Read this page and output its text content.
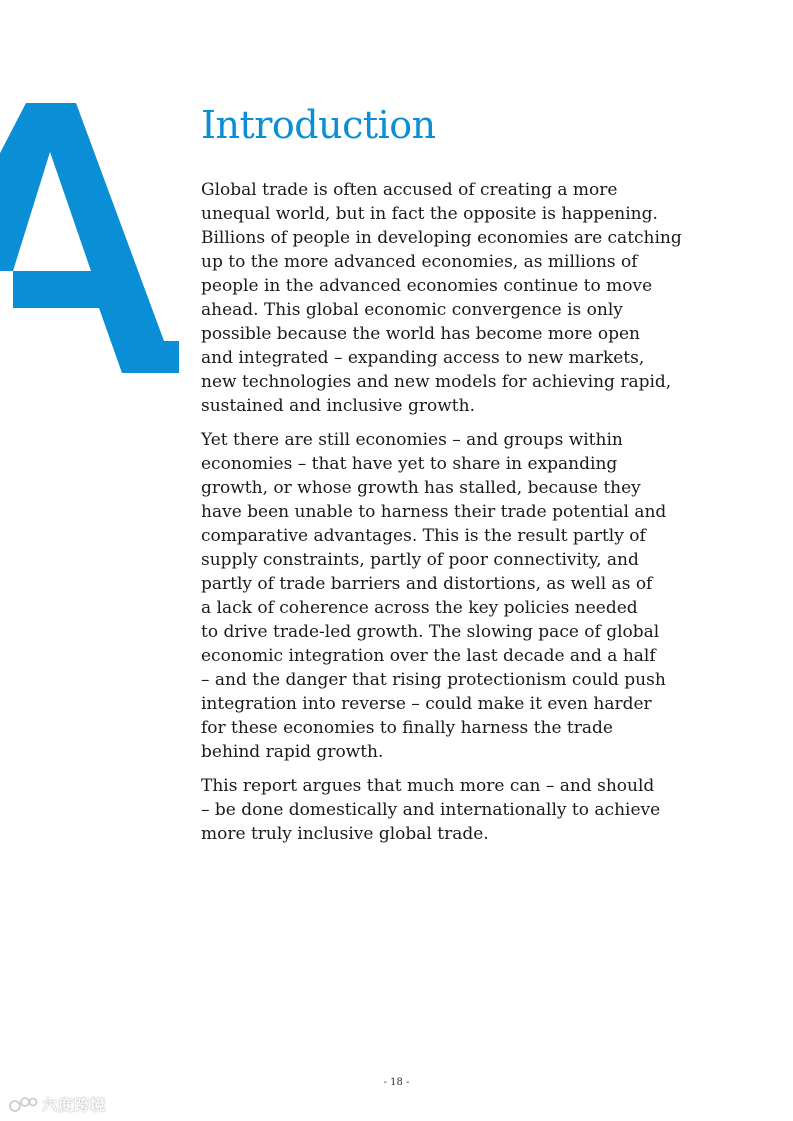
Introduction

Global trade is often accused of creating a more
unequal world, but in fact the opposite is happening.
Billions of people in developing economies are catching
up to the more advanced economies, as millions of
people in the advanced economies continue to move
ahead. This global economic convergence is only
possible because the world has become more open
and integrated – expanding access to new markets,
new technologies and new models for achieving rapid,
sustained and inclusive growth.

Yet there are still economies – and groups within
economies – that have yet to share in expanding
growth, or whose growth has stalled, because they
have been unable to harness their trade potential and
comparative advantages. This is the result partly of
supply constraints, partly of poor connectivity, and
partly of trade barriers and distortions, as well as of
a lack of coherence across the key policies needed
to drive trade-led growth. The slowing pace of global
economic integration over the last decade and a half
– and the danger that rising protectionism could push
integration into reverse – could make it even harder
for these economies to finally harness the trade
behind rapid growth.

This report argues that much more can – and should
– be done domestically and internationally to achieve
more truly inclusive global trade.

- 18 -
六度跨境
